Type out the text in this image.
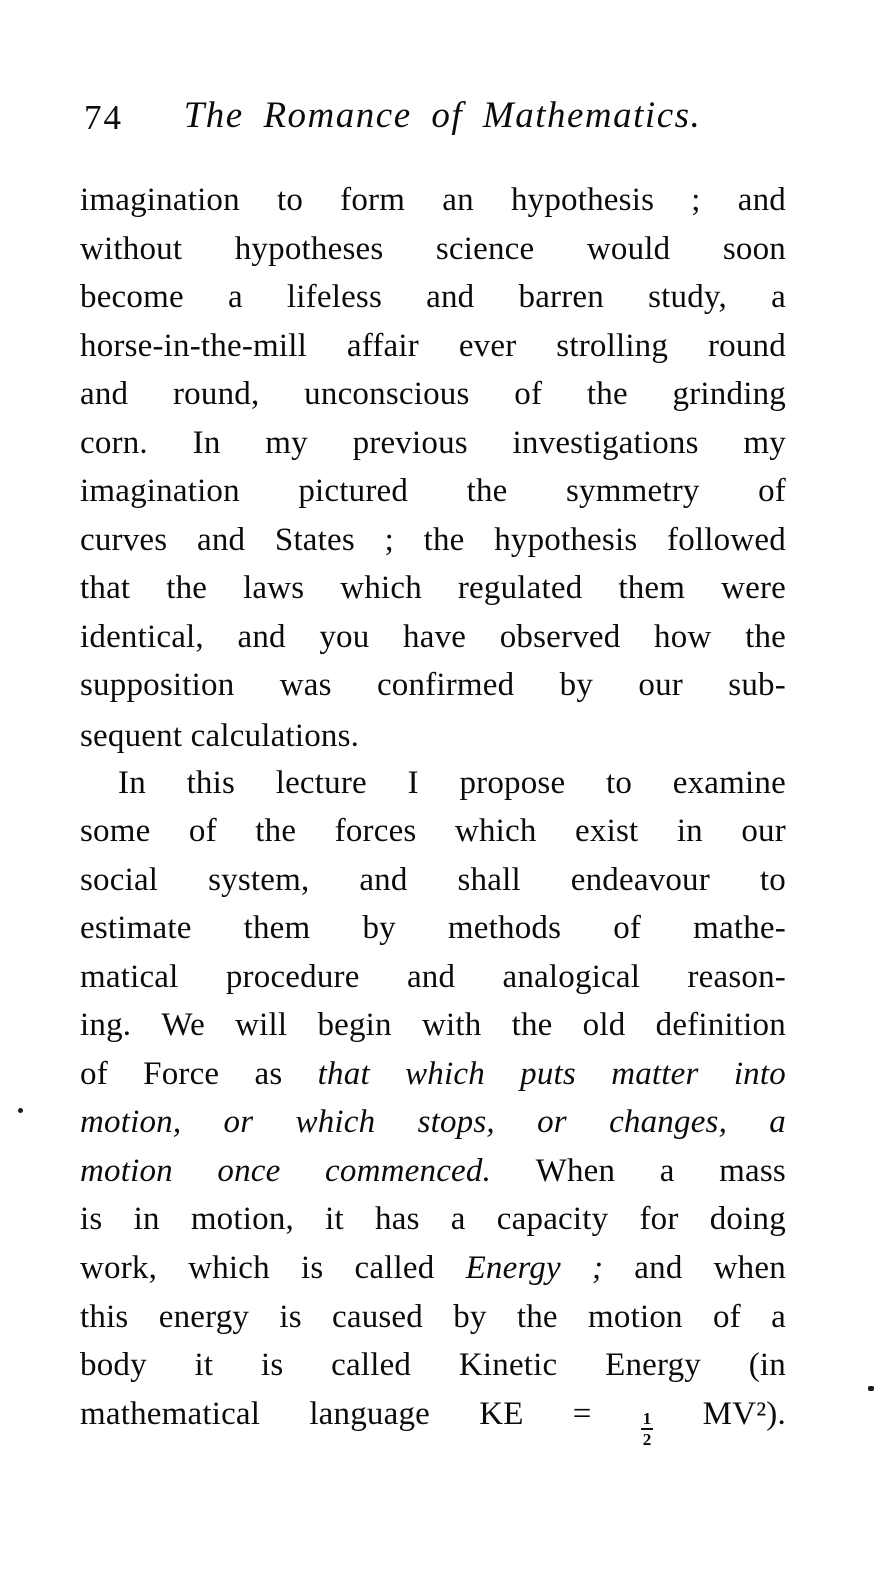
74	The Romance of Mathematics.
imagination to form an hypothesis ; and
without hypotheses science would soon
become a lifeless and barren study, a
horse-in-the-mill affair ever strolling round
and round, unconscious of the grinding
corn. In my previous investigations my
imagination pictured the symmetry of
curves and States ; the hypothesis followed
that the laws which regulated them were
identical, and you have observed how the
supposition was confirmed by our sub-
sequent calculations.
In this lecture I propose to examine
some of the forces which exist in our
social system, and shall endeavour to
estimate them by methods of mathe-
matical procedure and analogical reason-
ing. We will begin with the old definition
of Force as that which puts matter into
motion, or which stops, or changes, a
motion once commenced. When a mass
is in motion, it has a capacity for doing
work, which is called Energy ; and when
this energy is caused by the motion of a
body it is called Kinetic Energy (in
mathematical language KE =	$\frac{1}{2} MV^2$).
